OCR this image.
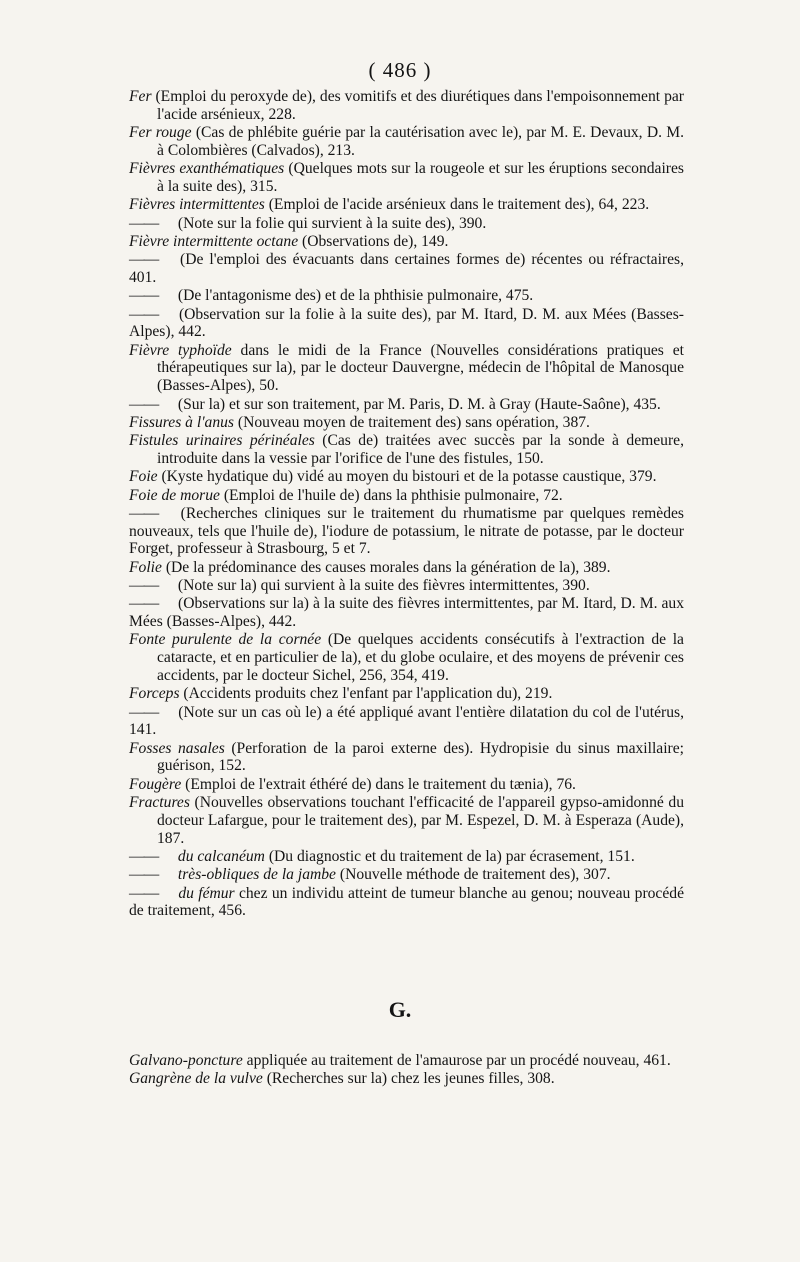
( 486 )

Fer (Emploi du peroxyde de), des vomitifs et des diurétiques dans l'empoisonnement par l'acide arsénieux, 228.

Fer rouge (Cas de phlébite guérie par la cautérisation avec le), par M. E. Devaux, D. M. à Colombières (Calvados), 213.

Fièvres exanthématiques (Quelques mots sur la rougeole et sur les éruptions secondaires à la suite des), 315.

Fièvres intermittentes (Emploi de l'acide arsénieux dans le traitement des), 64, 223.

—— (Note sur la folie qui survient à la suite des), 390.

Fièvre intermittente octane (Observations de), 149.

—— (De l'emploi des évacuants dans certaines formes de) récentes ou réfractaires, 401.

—— (De l'antagonisme des) et de la phthisie pulmonaire, 475.

—— (Observation sur la folie à la suite des), par M. Itard, D. M. aux Mées (Basses-Alpes), 442.

Fièvre typhoïde dans le midi de la France (Nouvelles considérations pratiques et thérapeutiques sur la), par le docteur Dauvergne, médecin de l'hôpital de Manosque (Basses-Alpes), 50.

—— (Sur la) et sur son traitement, par M. Paris, D. M. à Gray (Haute-Saône), 435.

Fissures à l'anus (Nouveau moyen de traitement des) sans opération, 387.

Fistules urinaires périnéales (Cas de) traitées avec succès par la sonde à demeure, introduite dans la vessie par l'orifice de l'une des fistules, 150.

Foie (Kyste hydatique du) vidé au moyen du bistouri et de la potasse caustique, 379.

Foie de morue (Emploi de l'huile de) dans la phthisie pulmonaire, 72.

—— (Recherches cliniques sur le traitement du rhumatisme par quelques remèdes nouveaux, tels que l'huile de), l'iodure de potassium, le nitrate de potasse, par le docteur Forget, professeur à Strasbourg, 5 et 7.

Folie (De la prédominance des causes morales dans la génération de la), 389.

—— (Note sur la) qui survient à la suite des fièvres intermittentes, 390.

—— (Observations sur la) à la suite des fièvres intermittentes, par M. Itard, D. M. aux Mées (Basses-Alpes), 442.

Fonte purulente de la cornée (De quelques accidents consécutifs à l'extraction de la cataracte, et en particulier de la), et du globe oculaire, et des moyens de prévenir ces accidents, par le docteur Sichel, 256, 354, 419.

Forceps (Accidents produits chez l'enfant par l'application du), 219.

—— (Note sur un cas où le) a été appliqué avant l'entière dilatation du col de l'utérus, 141.

Fosses nasales (Perforation de la paroi externe des). Hydropisie du sinus maxillaire; guérison, 152.

Fougère (Emploi de l'extrait éthéré de) dans le traitement du tænia), 76.

Fractures (Nouvelles observations touchant l'efficacité de l'appareil gypso-amidonné du docteur Lafargue, pour le traitement des), par M. Espezel, D. M. à Esperaza (Aude), 187.

—— du calcanéum (Du diagnostic et du traitement de la) par écrasement, 151.

—— très-obliques de la jambe (Nouvelle méthode de traitement des), 307.

—— du fémur chez un individu atteint de tumeur blanche au genou; nouveau procédé de traitement, 456.

G.

Galvano-poncture appliquée au traitement de l'amaurose par un procédé nouveau, 461.

Gangrène de la vulve (Recherches sur la) chez les jeunes filles, 308.
